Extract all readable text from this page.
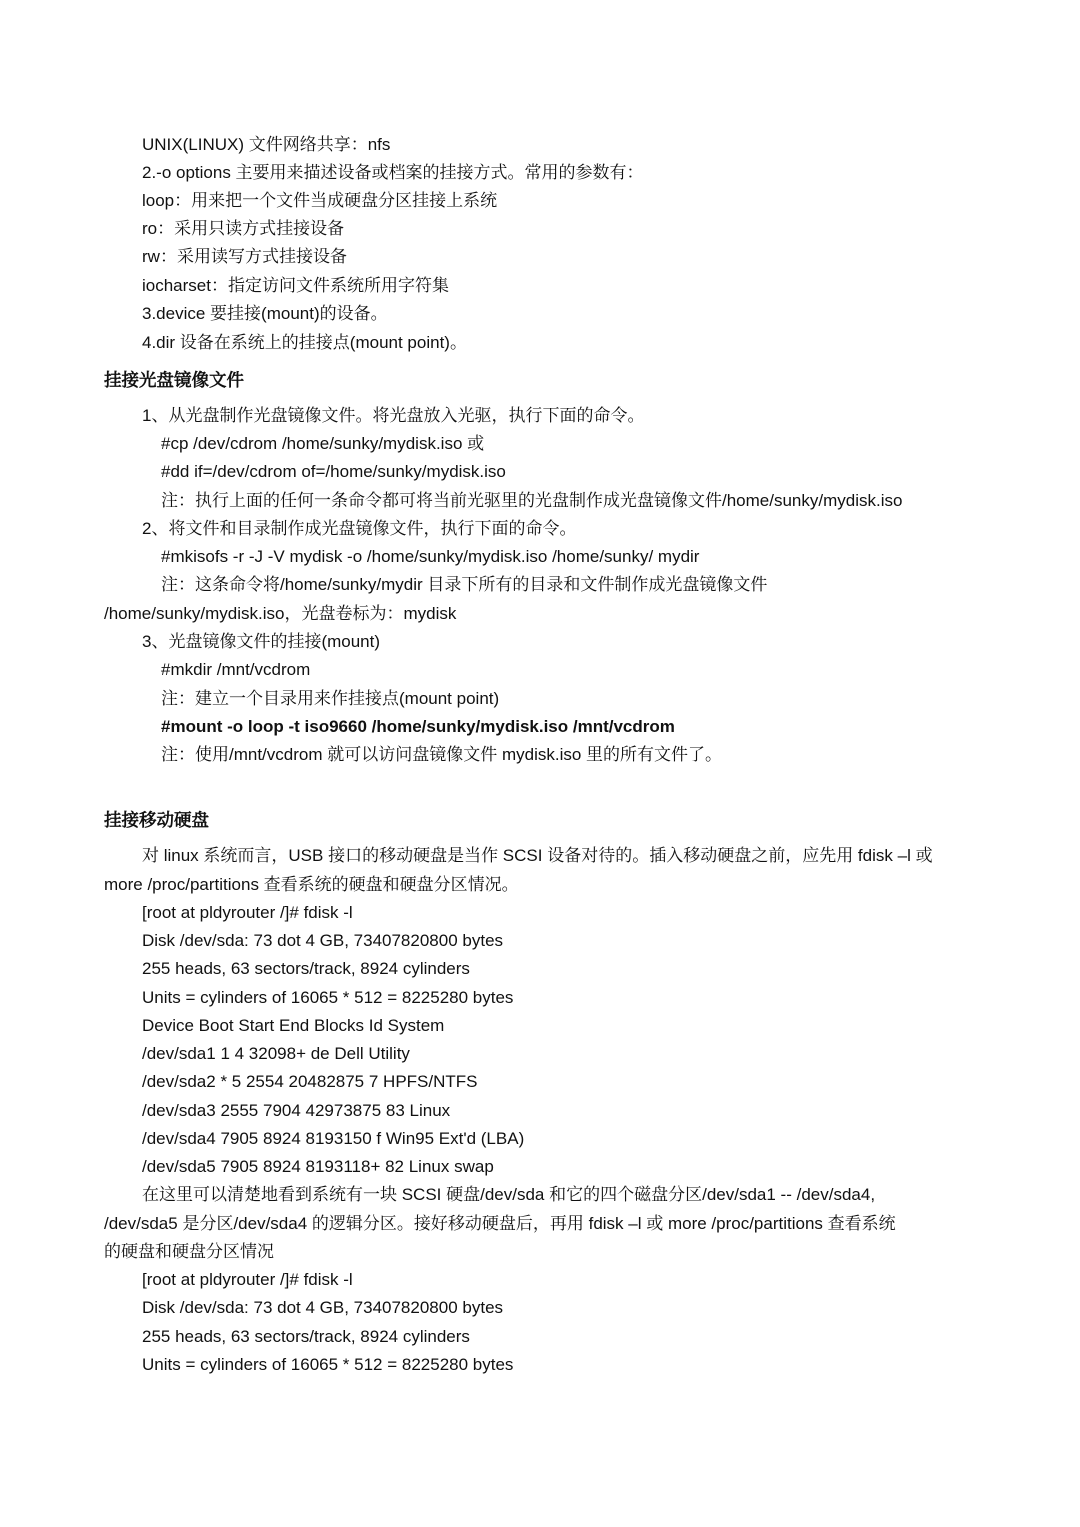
UNIX(LINUX) 文件网络共享：nfs
2.-o options 主要用来描述设备或档案的挂接方式。常用的参数有：
loop：用来把一个文件当成硬盘分区挂接上系统
ro：采用只读方式挂接设备
rw：采用读写方式挂接设备
iocharset：指定访问文件系统所用字符集
3.device 要挂接(mount)的设备。
4.dir 设备在系统上的挂接点(mount point)。
挂接光盘镜像文件
1、从光盘制作光盘镜像文件。将光盘放入光驱，执行下面的命令。
#cp /dev/cdrom /home/sunky/mydisk.iso 或
#dd if=/dev/cdrom of=/home/sunky/mydisk.iso
注：执行上面的任何一条命令都可将当前光驱里的光盘制作成光盘镜像文件/home/sunky/mydisk.iso
2、将文件和目录制作成光盘镜像文件，执行下面的命令。
#mkisofs -r -J -V mydisk -o /home/sunky/mydisk.iso /home/sunky/ mydir
注：这条命令将/home/sunky/mydir 目录下所有的目录和文件制作成光盘镜像文件
/home/sunky/mydisk.iso，光盘卷标为：mydisk
3、光盘镜像文件的挂接(mount)
#mkdir /mnt/vcdrom
注：建立一个目录用来作挂接点(mount point)
#mount -o loop -t iso9660 /home/sunky/mydisk.iso /mnt/vcdrom
注：使用/mnt/vcdrom 就可以访问盘镜像文件 mydisk.iso 里的所有文件了。
挂接移动硬盘
对 linux 系统而言，USB 接口的移动硬盘是当作 SCSI 设备对待的。插入移动硬盘之前，应先用 fdisk –l 或
more /proc/partitions 查看系统的硬盘和硬盘分区情况。
[root at pldyrouter /]# fdisk -l
Disk /dev/sda: 73 dot 4 GB, 73407820800 bytes
255 heads, 63 sectors/track, 8924 cylinders
Units = cylinders of 16065 * 512 = 8225280 bytes
Device Boot Start End Blocks Id System
/dev/sda1 1 4 32098+ de Dell Utility
/dev/sda2 * 5 2554 20482875 7 HPFS/NTFS
/dev/sda3 2555 7904 42973875 83 Linux
/dev/sda4 7905 8924 8193150 f Win95 Ext'd (LBA)
/dev/sda5 7905 8924 8193118+ 82 Linux swap
在这里可以清楚地看到系统有一块 SCSI 硬盘/dev/sda 和它的四个磁盘分区/dev/sda1 -- /dev/sda4,
/dev/sda5 是分区/dev/sda4 的逻辑分区。接好移动硬盘后，再用 fdisk –l 或 more /proc/partitions 查看系统
的硬盘和硬盘分区情况
[root at pldyrouter /]# fdisk -l
Disk /dev/sda: 73 dot 4 GB, 73407820800 bytes
255 heads, 63 sectors/track, 8924 cylinders
Units = cylinders of 16065 * 512 = 8225280 bytes
